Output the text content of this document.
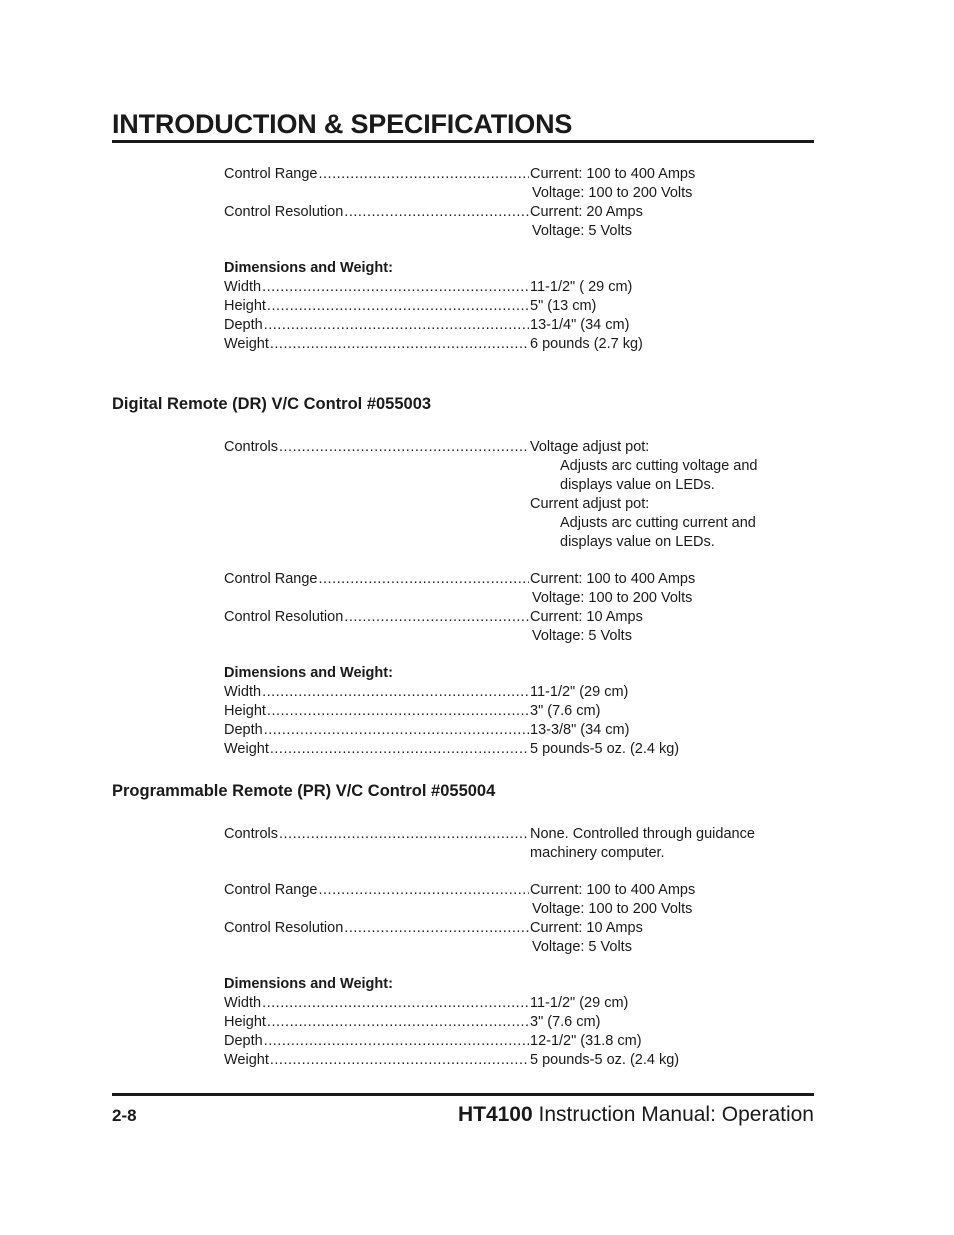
INTRODUCTION & SPECIFICATIONS
Control Range .....	Current: 100 to 400 Amps
Voltage: 100 to 200 Volts
Control Resolution .....	Current: 20 Amps
Voltage: 5 Volts
Dimensions and Weight:
Width .....	11-1/2" ( 29 cm)
Height .....	5" (13 cm)
Depth .....	13-1/4" (34 cm)
Weight .....	6 pounds (2.7 kg)
Digital Remote (DR) V/C Control #055003
Controls .....	Voltage adjust pot:
Adjusts arc cutting voltage and
displays value on LEDs.
Current adjust pot:
Adjusts arc cutting current and
displays value on LEDs.
Control Range .....	Current: 100 to 400 Amps
Voltage: 100 to 200 Volts
Control Resolution .....	Current: 10 Amps
Voltage: 5 Volts
Dimensions and Weight:
Width .....	11-1/2" (29 cm)
Height .....	3" (7.6 cm)
Depth .....	13-3/8" (34 cm)
Weight .....	5 pounds-5 oz. (2.4 kg)
Programmable Remote (PR) V/C Control #055004
Controls .....	None. Controlled through guidance
machinery computer.
Control Range .....	Current: 100 to 400 Amps
Voltage: 100 to 200 Volts
Control Resolution .....	Current: 10 Amps
Voltage: 5 Volts
Dimensions and Weight:
Width .....	11-1/2" (29 cm)
Height .....	3" (7.6 cm)
Depth .....	12-1/2" (31.8 cm)
Weight .....	5 pounds-5 oz. (2.4 kg)
2-8	HT4100 Instruction Manual: Operation
